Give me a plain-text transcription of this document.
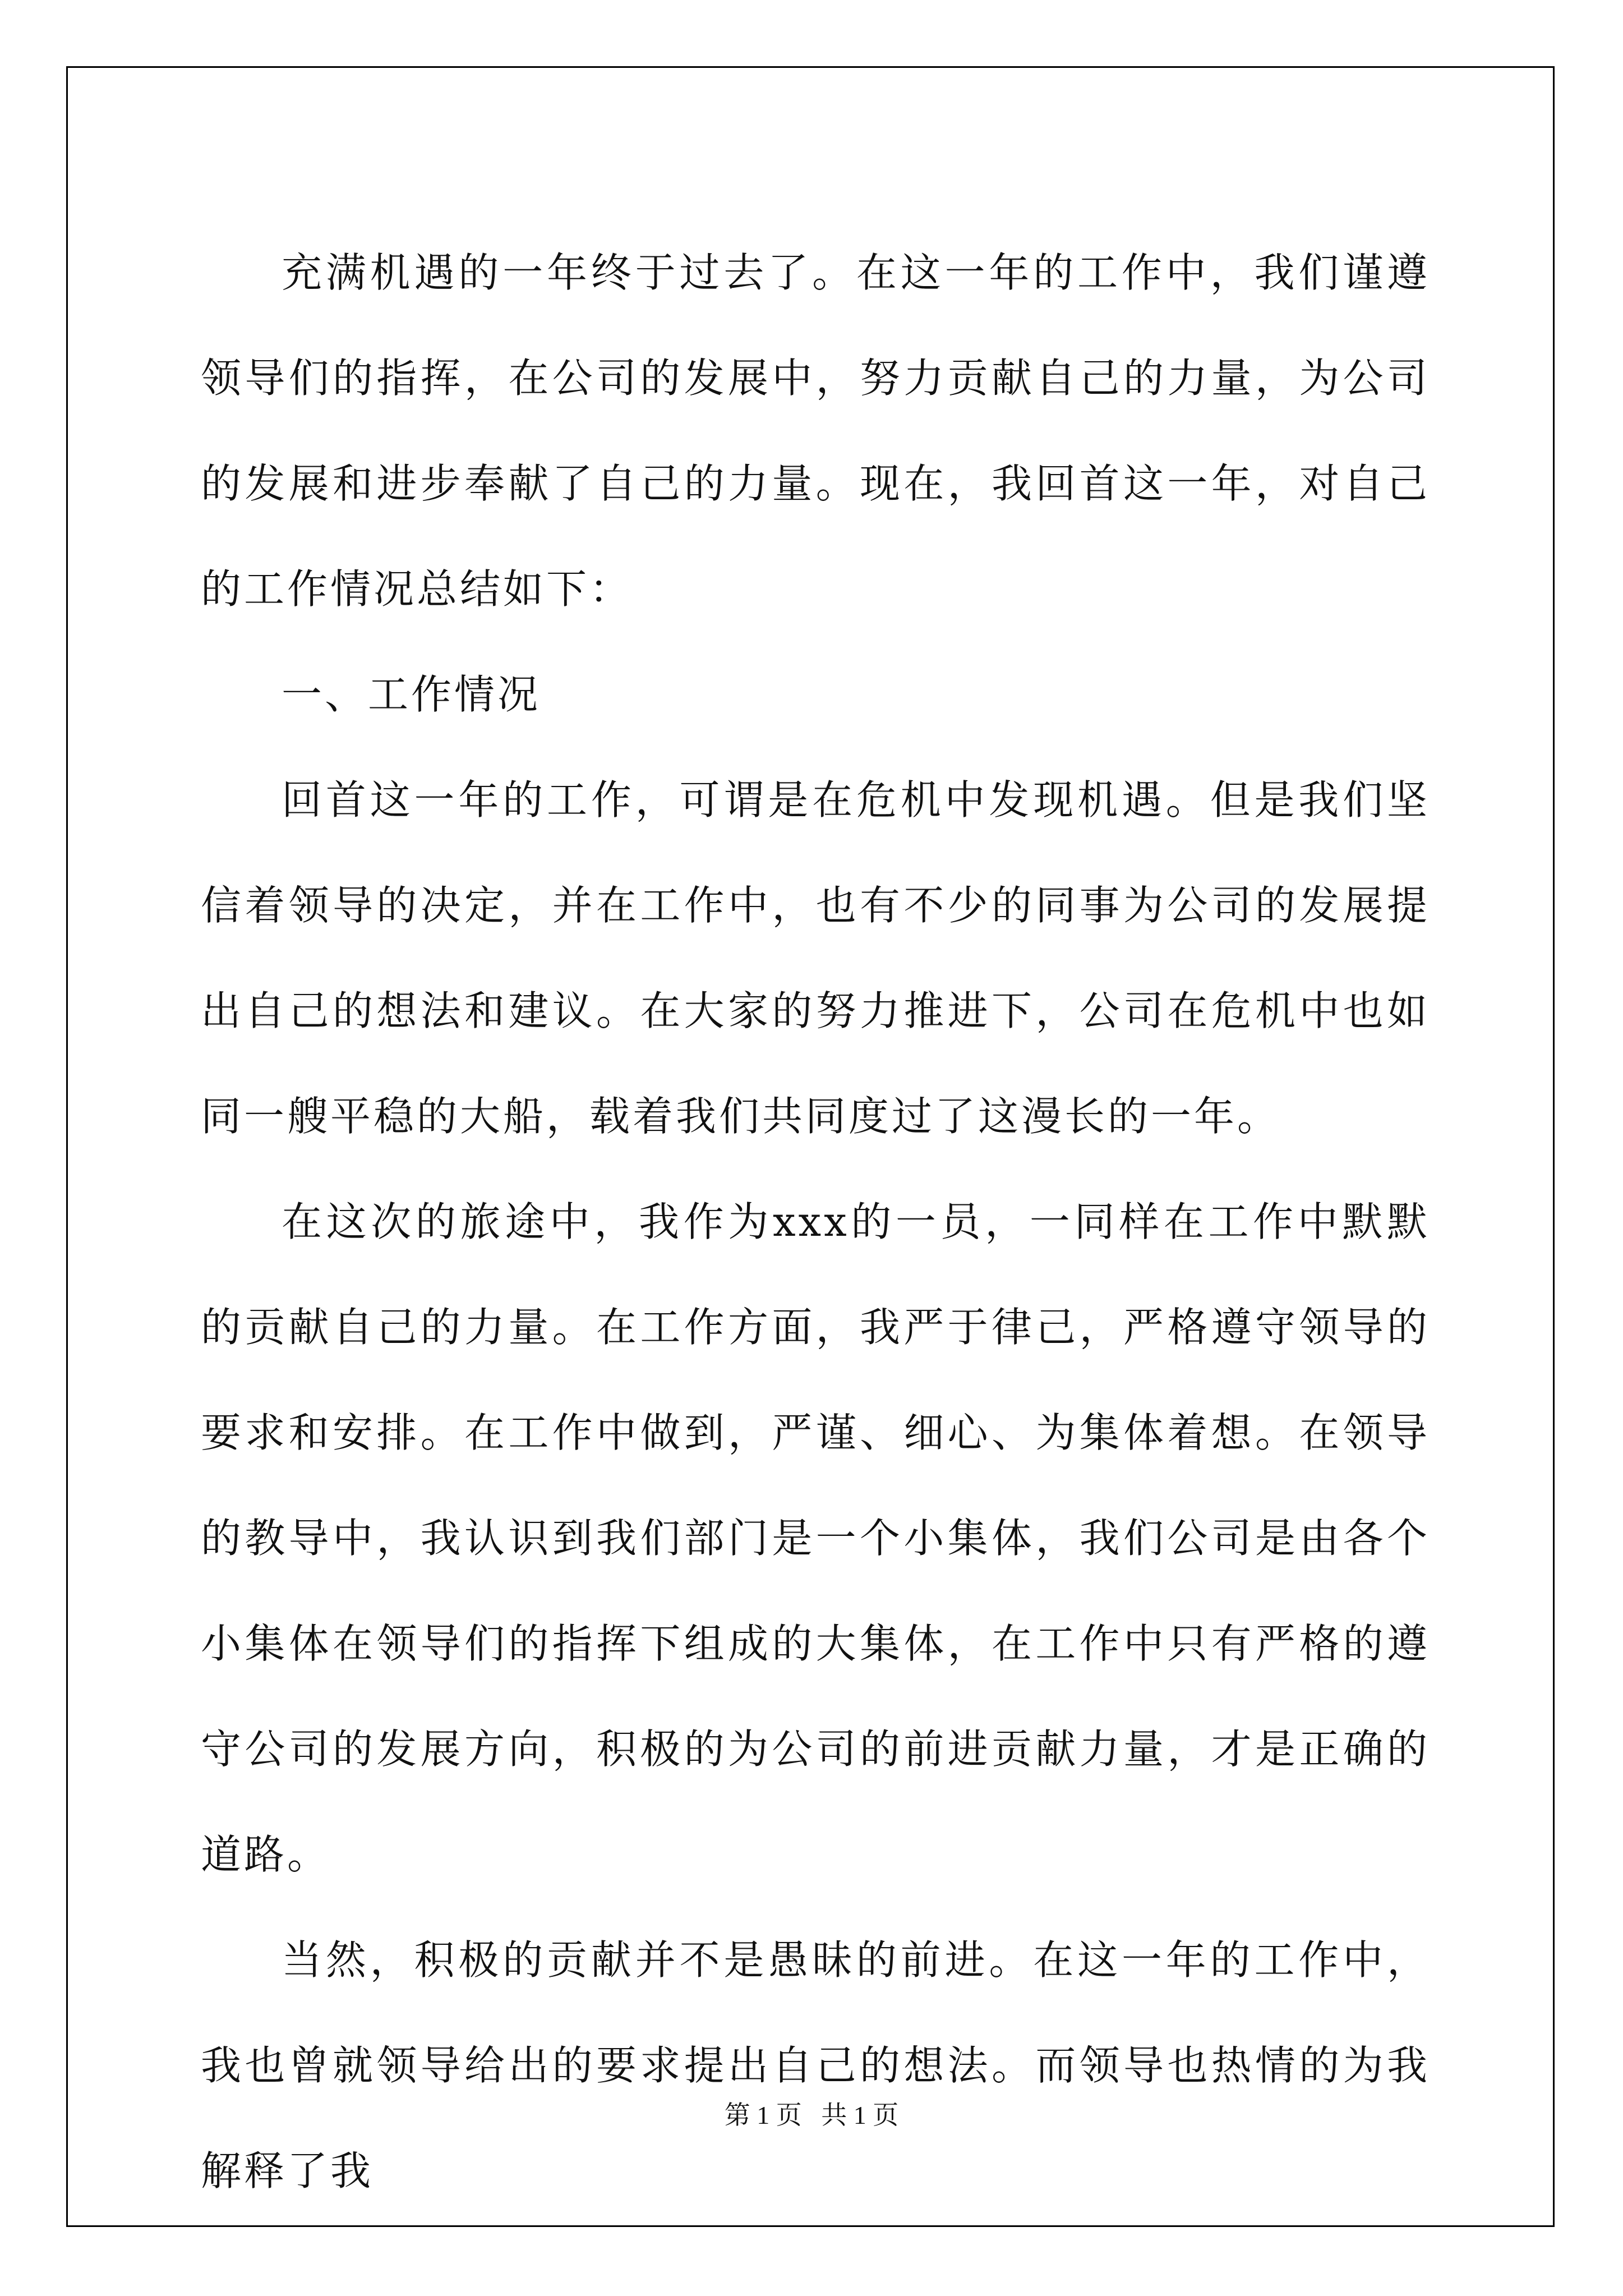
充满机遇的一年终于过去了。在这一年的工作中，我们谨遵领导们的指挥，在公司的发展中，努力贡献自己的力量，为公司的发展和进步奉献了自己的力量。现在，我回首这一年，对自己的工作情况总结如下：

一、工作情况

回首这一年的工作，可谓是在危机中发现机遇。但是我们坚信着领导的决定，并在工作中，也有不少的同事为公司的发展提出自己的想法和建议。在大家的努力推进下，公司在危机中也如同一艘平稳的大船，载着我们共同度过了这漫长的一年。

在这次的旅途中，我作为xxx的一员，一同样在工作中默默的贡献自己的力量。在工作方面，我严于律己，严格遵守领导的要求和安排。在工作中做到，严谨、细心、为集体着想。在领导的教导中，我认识到我们部门是一个小集体，我们公司是由各个小集体在领导们的指挥下组成的大集体，在工作中只有严格的遵守公司的发展方向，积极的为公司的前进贡献力量，才是正确的道路。

当然，积极的贡献并不是愚昧的前进。在这一年的工作中，我也曾就领导给出的要求提出自己的想法。而领导也热情的为我解释了我

第 1 页   共 1 页
